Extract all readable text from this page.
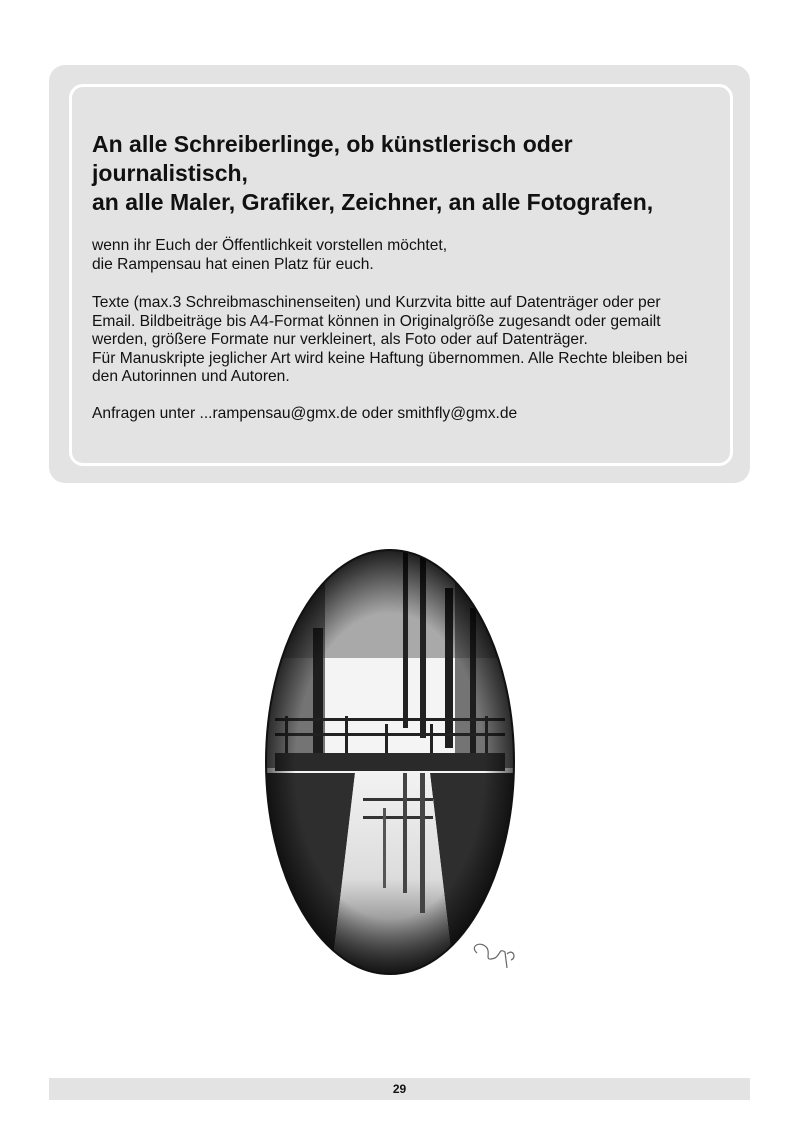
An alle Schreiberlinge, ob künstlerisch oder
journalistisch,
an alle Maler, Grafiker, Zeichner, an alle Fotografen,

wenn ihr Euch der Öffentlichkeit vorstellen möchtet,
die Rampensau hat einen Platz für euch.

Texte (max.3 Schreibmaschinenseiten) und Kurzvita bitte auf Datenträger oder per
Email. Bildbeiträge bis A4-Format können in Originalgröße zugesandt oder gemailt
werden, größere Formate nur verkleinert, als Foto oder auf Datenträger.
Für Manuskripte jeglicher Art wird keine Haftung übernommen. Alle Rechte bleiben bei
den Autorinnen und Autoren.

Anfragen unter ...rampensau@gmx.de oder smithfly@gmx.de

29
